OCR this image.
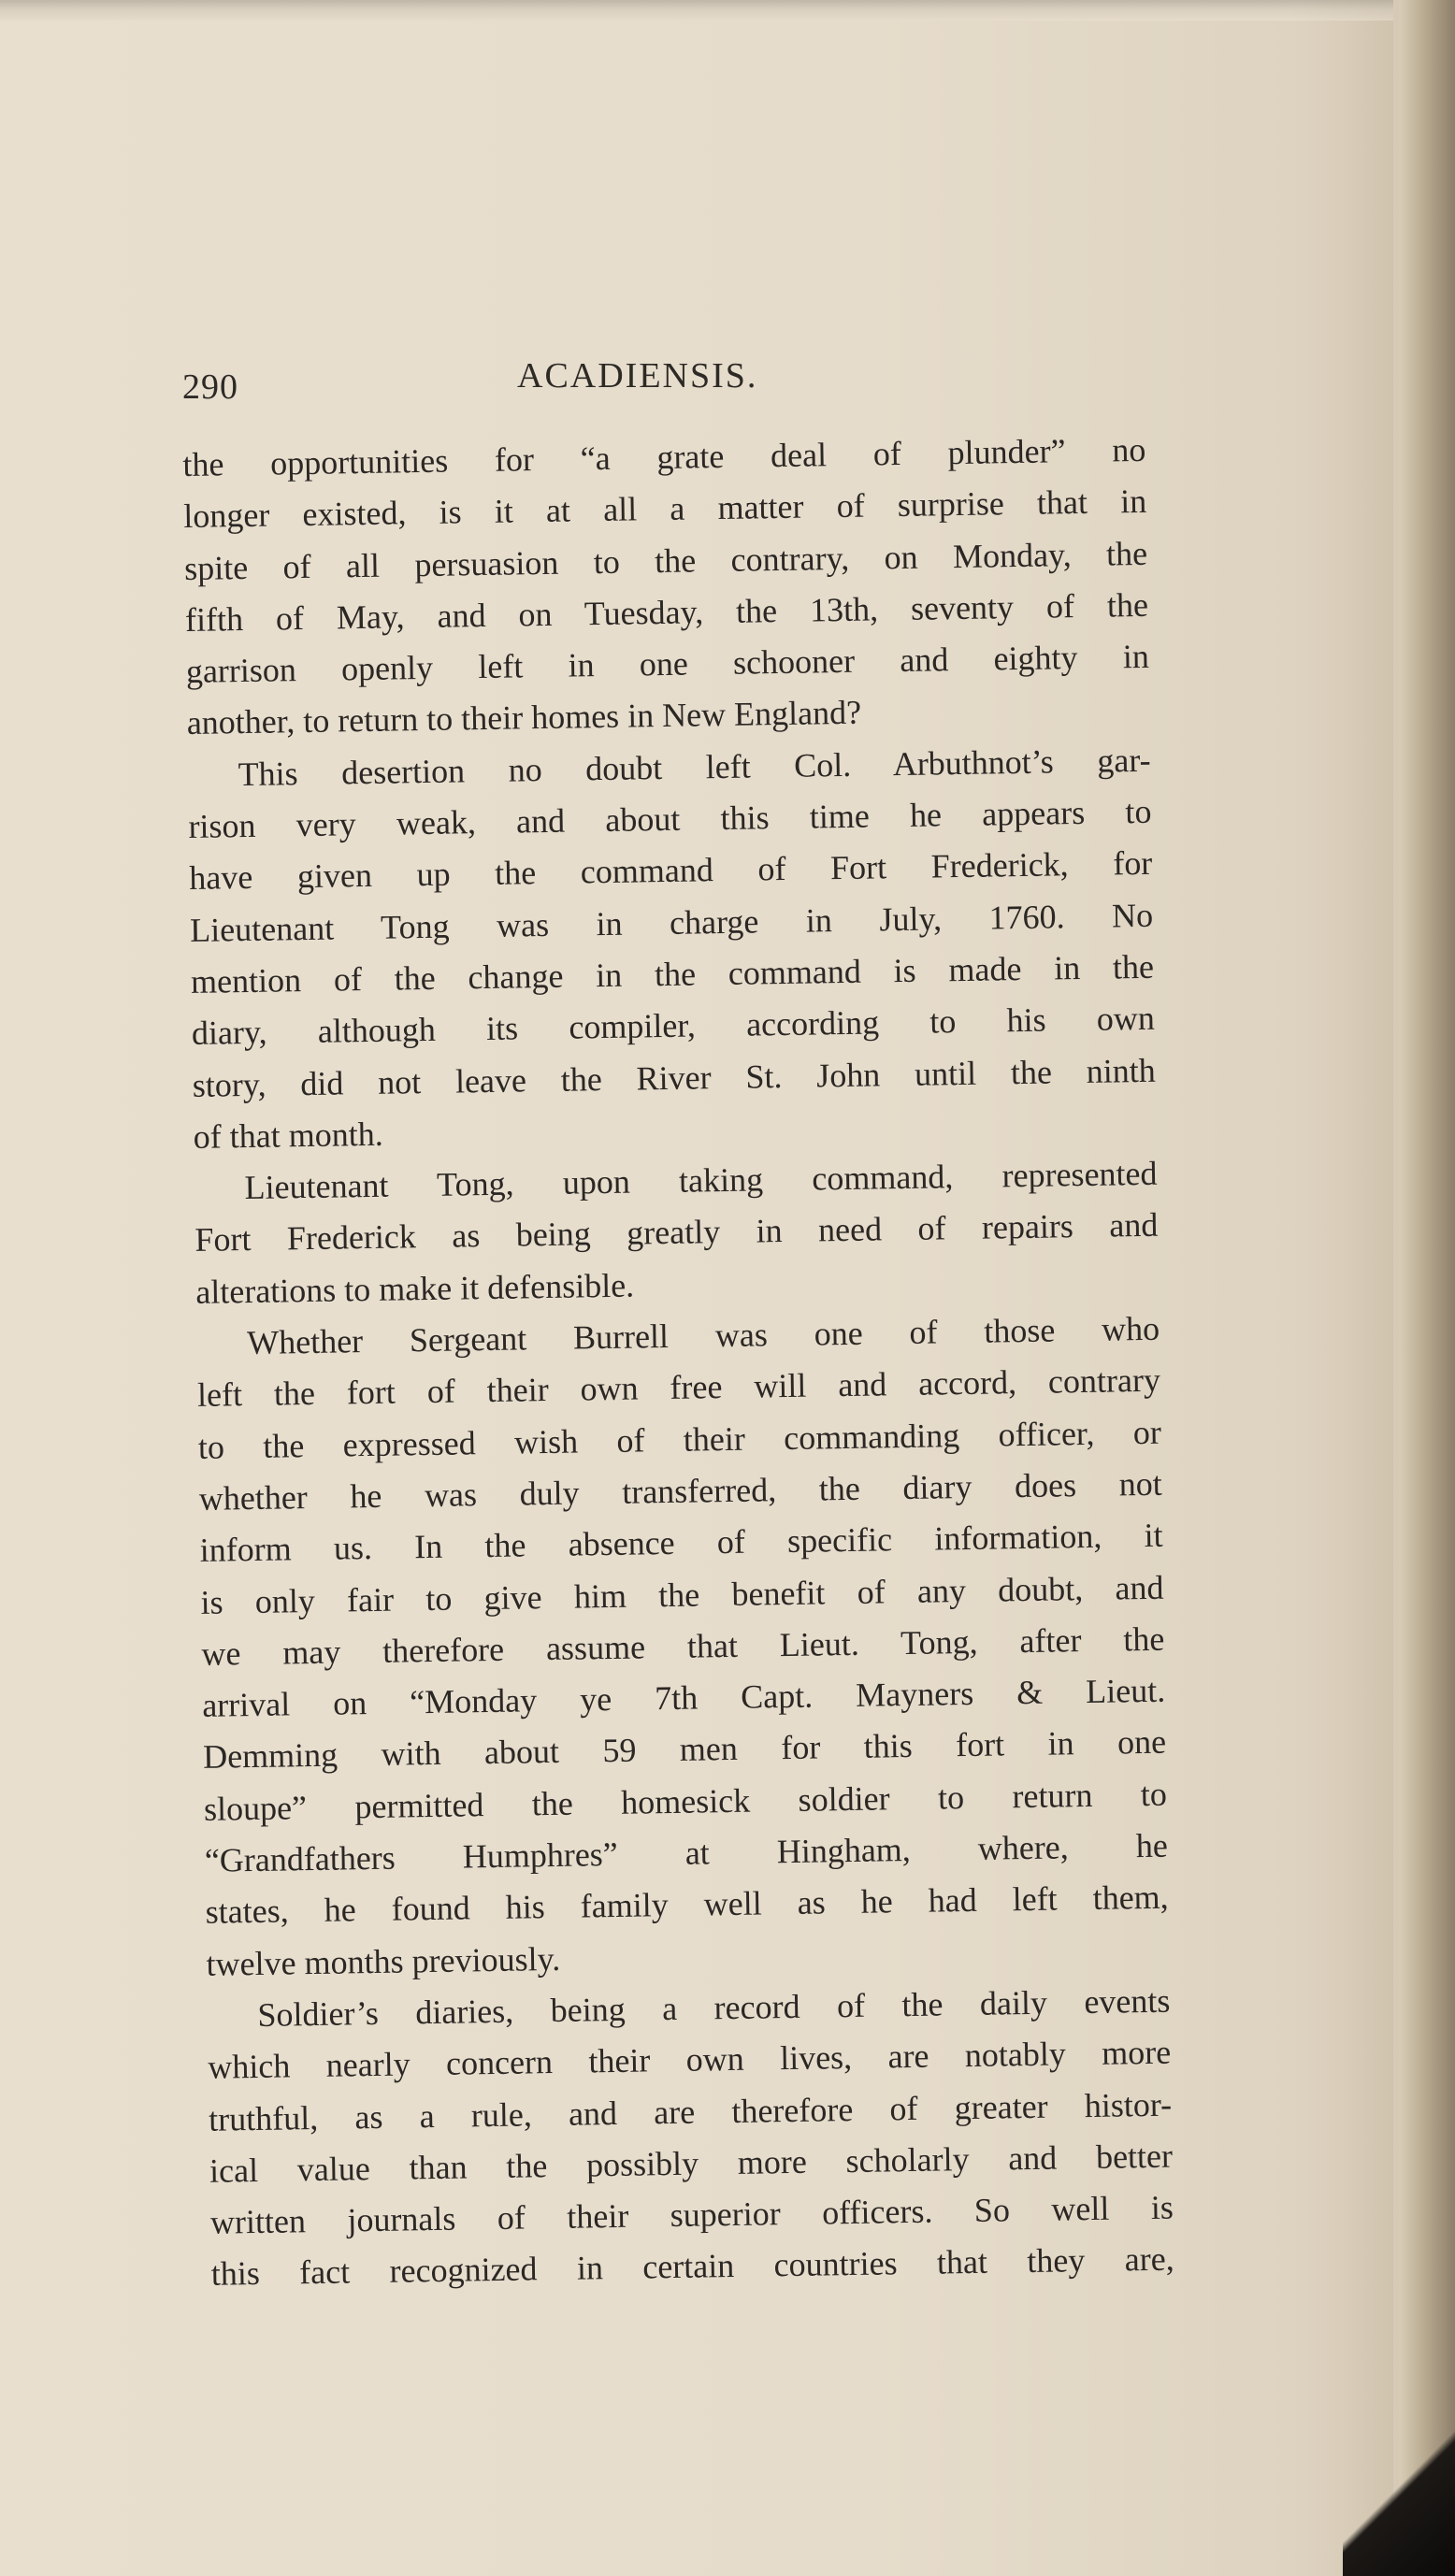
290	ACADIENSIS.
the opportunities for “a grate deal of plunder” no
longer existed, is it at all a matter of surprise that in
spite of all persuasion to the contrary, on Monday, the
fifth of May, and on Tuesday, the 13th, seventy of the
garrison openly left in one schooner and eighty in
another, to return to their homes in New England?
This desertion no doubt left Col. Arbuthnot’s gar-
rison very weak, and about this time he appears to
have given up the command of Fort Frederick, for
Lieutenant Tong was in charge in July, 1760. No
mention of the change in the command is made in the
diary, although its compiler, according to his own
story, did not leave the River St. John until the ninth
of that month.
Lieutenant Tong, upon taking command, represented
Fort Frederick as being greatly in need of repairs and
alterations to make it defensible.
Whether Sergeant Burrell was one of those who
left the fort of their own free will and accord, contrary
to the expressed wish of their commanding officer, or
whether he was duly transferred, the diary does not
inform us. In the absence of specific information, it
is only fair to give him the benefit of any doubt, and
we may therefore assume that Lieut. Tong, after the
arrival on “Monday ye 7th Capt. Mayners & Lieut.
Demming with about 59 men for this fort in one
sloupe” permitted the homesick soldier to return to
“Grandfathers Humphres” at Hingham, where, he
states, he found his family well as he had left them,
twelve months previously.
Soldier’s diaries, being a record of the daily events
which nearly concern their own lives, are notably more
truthful, as a rule, and are therefore of greater histor-
ical value than the possibly more scholarly and better
written journals of their superior officers. So well is
this fact recognized in certain countries that they are,
